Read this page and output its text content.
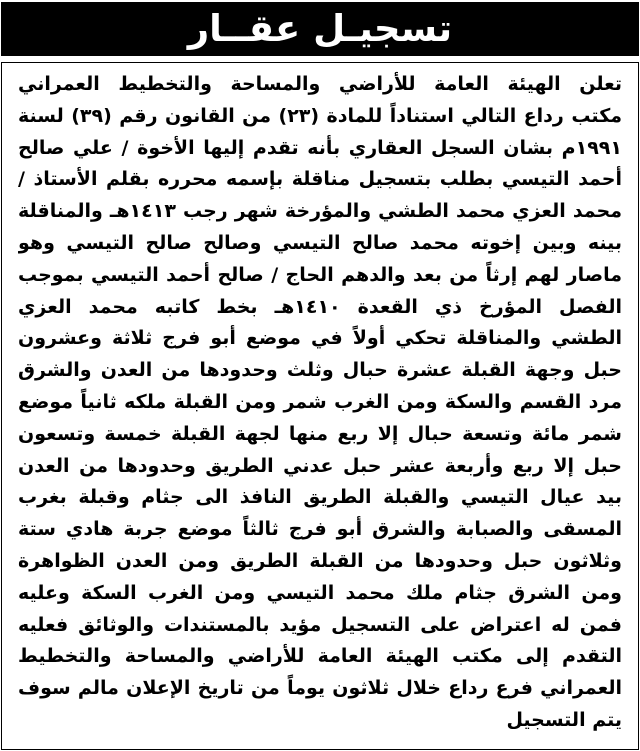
تسجيـل عقــار
تعلن الهيئة العامة للأراضي والمساحة والتخطيط العمراني
مكتب رداع التالي استناداً للمادة (٢٣) من القانون رقم (٣٩) لسنة
١٩٩١م بشان السجل العقاري بأنه تقدم إليها الأخوة / علي صالح
أحمد التيسي بطلب بتسجيل مناقلة بإسمه محرره بقلم الأستاذ /
محمد العزي محمد الطشي والمؤرخة شهر رجب ١٤١٣هـ والمناقلة
بينه وبين إخوته محمد صالح التيسي وصالح صالح التيسي وهو
ماصار لهم إرثاً من بعد والدهم الحاج / صالح أحمد التيسي بموجب
الفصل المؤرخ ذي القعدة ١٤١٠هـ بخط كاتبه محمد العزي
الطشي والمناقلة تحكي أولاً في موضع أبو فرج ثلاثة وعشرون
حبل وجهة القبلة عشرة حبال وثلث وحدودها من العدن والشرق
مرد القسم والسكة ومن الغرب شمر ومن القبلة ملكه ثانياً موضع
شمر مائة وتسعة حبال إلا ربع منها لجهة القبلة خمسة وتسعون
حبل إلا ربع وأربعة عشر حبل عدني الطريق وحدودها من العدن
بيد عيال التيسي والقبلة الطريق النافذ الى جثام وقبلة بغرب
المسقى والصبابة والشرق أبو فرج ثالثاً موضع جربة هادي ستة
وثلاثون حبل وحدودها من القبلة الطريق ومن العدن الظواهرة
ومن الشرق جثام ملك محمد التيسي ومن الغرب السكة وعليه
فمن له اعتراض على التسجيل مؤيد بالمستندات والوثائق فعليه
التقدم إلى مكتب الهيئة العامة للأراضي والمساحة والتخطيط
العمراني فرع رداع خلال ثلاثون يوماً من تاريخ الإعلان مالم سوف
يتم التسجيل
